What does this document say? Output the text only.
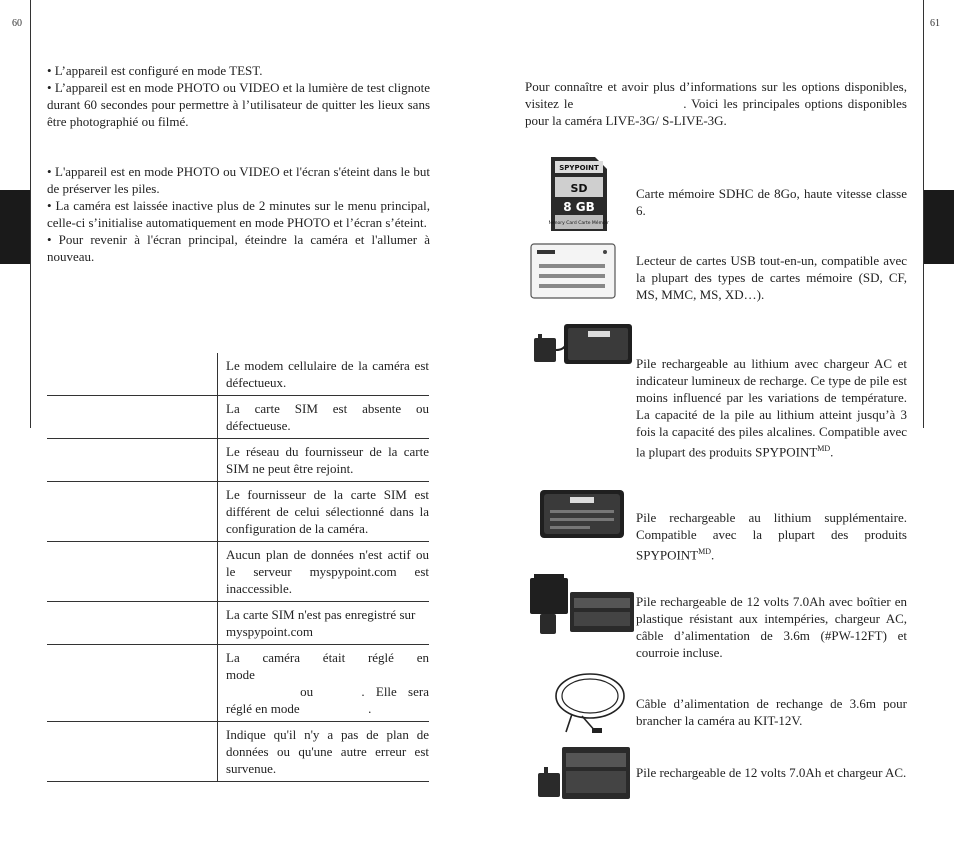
60

• L’appareil est configuré en mode TEST.

• L’appareil est en mode PHOTO ou VIDEO et la lumière de test clignote durant 60 secondes pour permettre à l’utilisateur de quitter les lieux sans être photographié ou filmé.

• L'appareil est en mode PHOTO ou VIDEO et l'écran s'éteint dans le but de préserver les piles.

• La caméra est laissée inactive plus de 2 minutes sur le menu principal, celle-ci s’initialise automatiquement en mode PHOTO et l’écran s’éteint.

• Pour revenir à l'écran principal, éteindre la caméra et l'allumer à nouveau.

	Le modem cellulaire de la caméra est défectueux.
	La carte SIM est absente ou défectueuse.
	Le réseau du fournisseur de la carte SIM ne peut être rejoint.
	Le fournisseur de la carte SIM est différent de celui sélectionné dans la configuration de la caméra.
	Aucun plan de données n'est actif ou le serveur myspypoint.com est inaccessible.
	La carte SIM n'est pas enregistré sur myspypoint.com

	La caméra était réglé en mode
ou . Elle sera
réglé en mode .

	Indique qu'il n'y a pas de plan de données ou qu'une autre erreur est survenue.
61
Pour connaître et avoir plus d’informations sur les options disponibles, visitez le	. Voici les principales options disponibles pour la caméra LIVE-3G/ S-LIVE-3G.
SPYPOINT
SD
8 GB
Memory Card Carte Mémoire
Carte mémoire SDHC de 8Go, haute vitesse classe 6.
Lecteur de cartes USB tout-en-un, compatible avec la plupart des types de cartes mémoire (SD, CF, MS, MMC, MS, XD…).
Pile rechargeable au lithium avec chargeur AC et indicateur lumineux de recharge. Ce type de pile est moins influencé par les variations de température. La capacité de la pile au lithium atteint jusqu’à 3 fois la capacité des piles alcalines. Compatible avec la plupart des produits $SPYPOINT^{MD}$.
Pile rechargeable au lithium supplémentaire. Compatible avec la plupart des produits $SPYPOINT^{MD}$.
Pile rechargeable de 12 volts 7.0Ah avec boîtier en plastique résistant aux intempéries, chargeur AC, câble d’alimentation de 3.6m (#PW-12FT) et courroie incluse.
Câble d’alimentation de rechange de 3.6m pour brancher la caméra au KIT-12V.
Pile rechargeable de 12 volts 7.0Ah et chargeur AC.
